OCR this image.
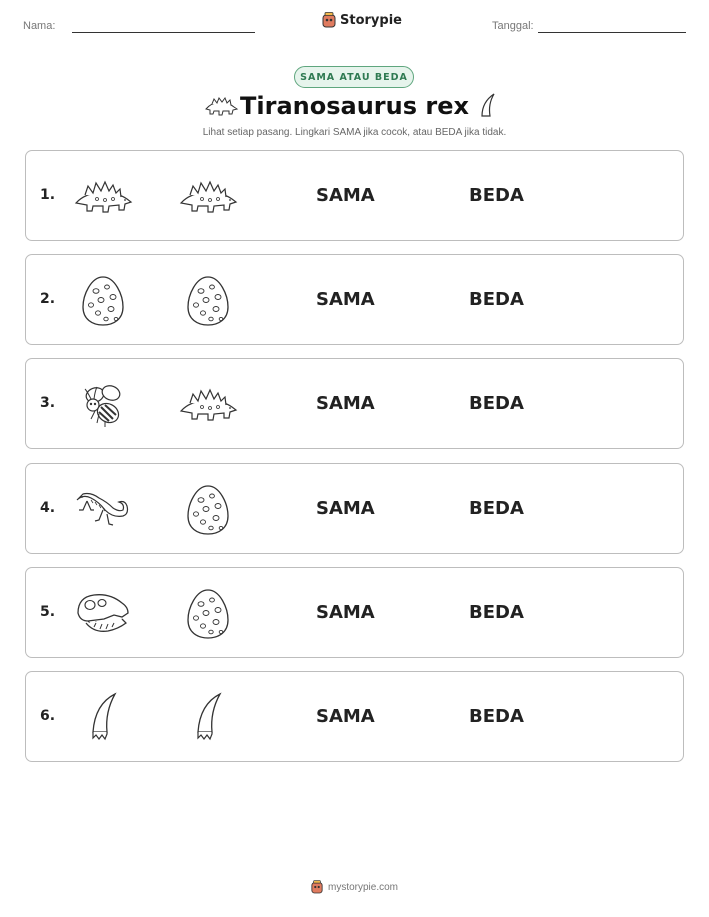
Nama:	Storypie	Tanggal:
SAMA ATAU BEDA
Tiranosaurus rex
Lihat setiap pasang. Lingkari SAMA jika cocok, atau BEDA jika tidak.
1.	SAMA	BEDA
2.	SAMA	BEDA
3.	SAMA	BEDA
4.	SAMA	BEDA
5.	SAMA	BEDA
6.	SAMA	BEDA
mystorypie.com
